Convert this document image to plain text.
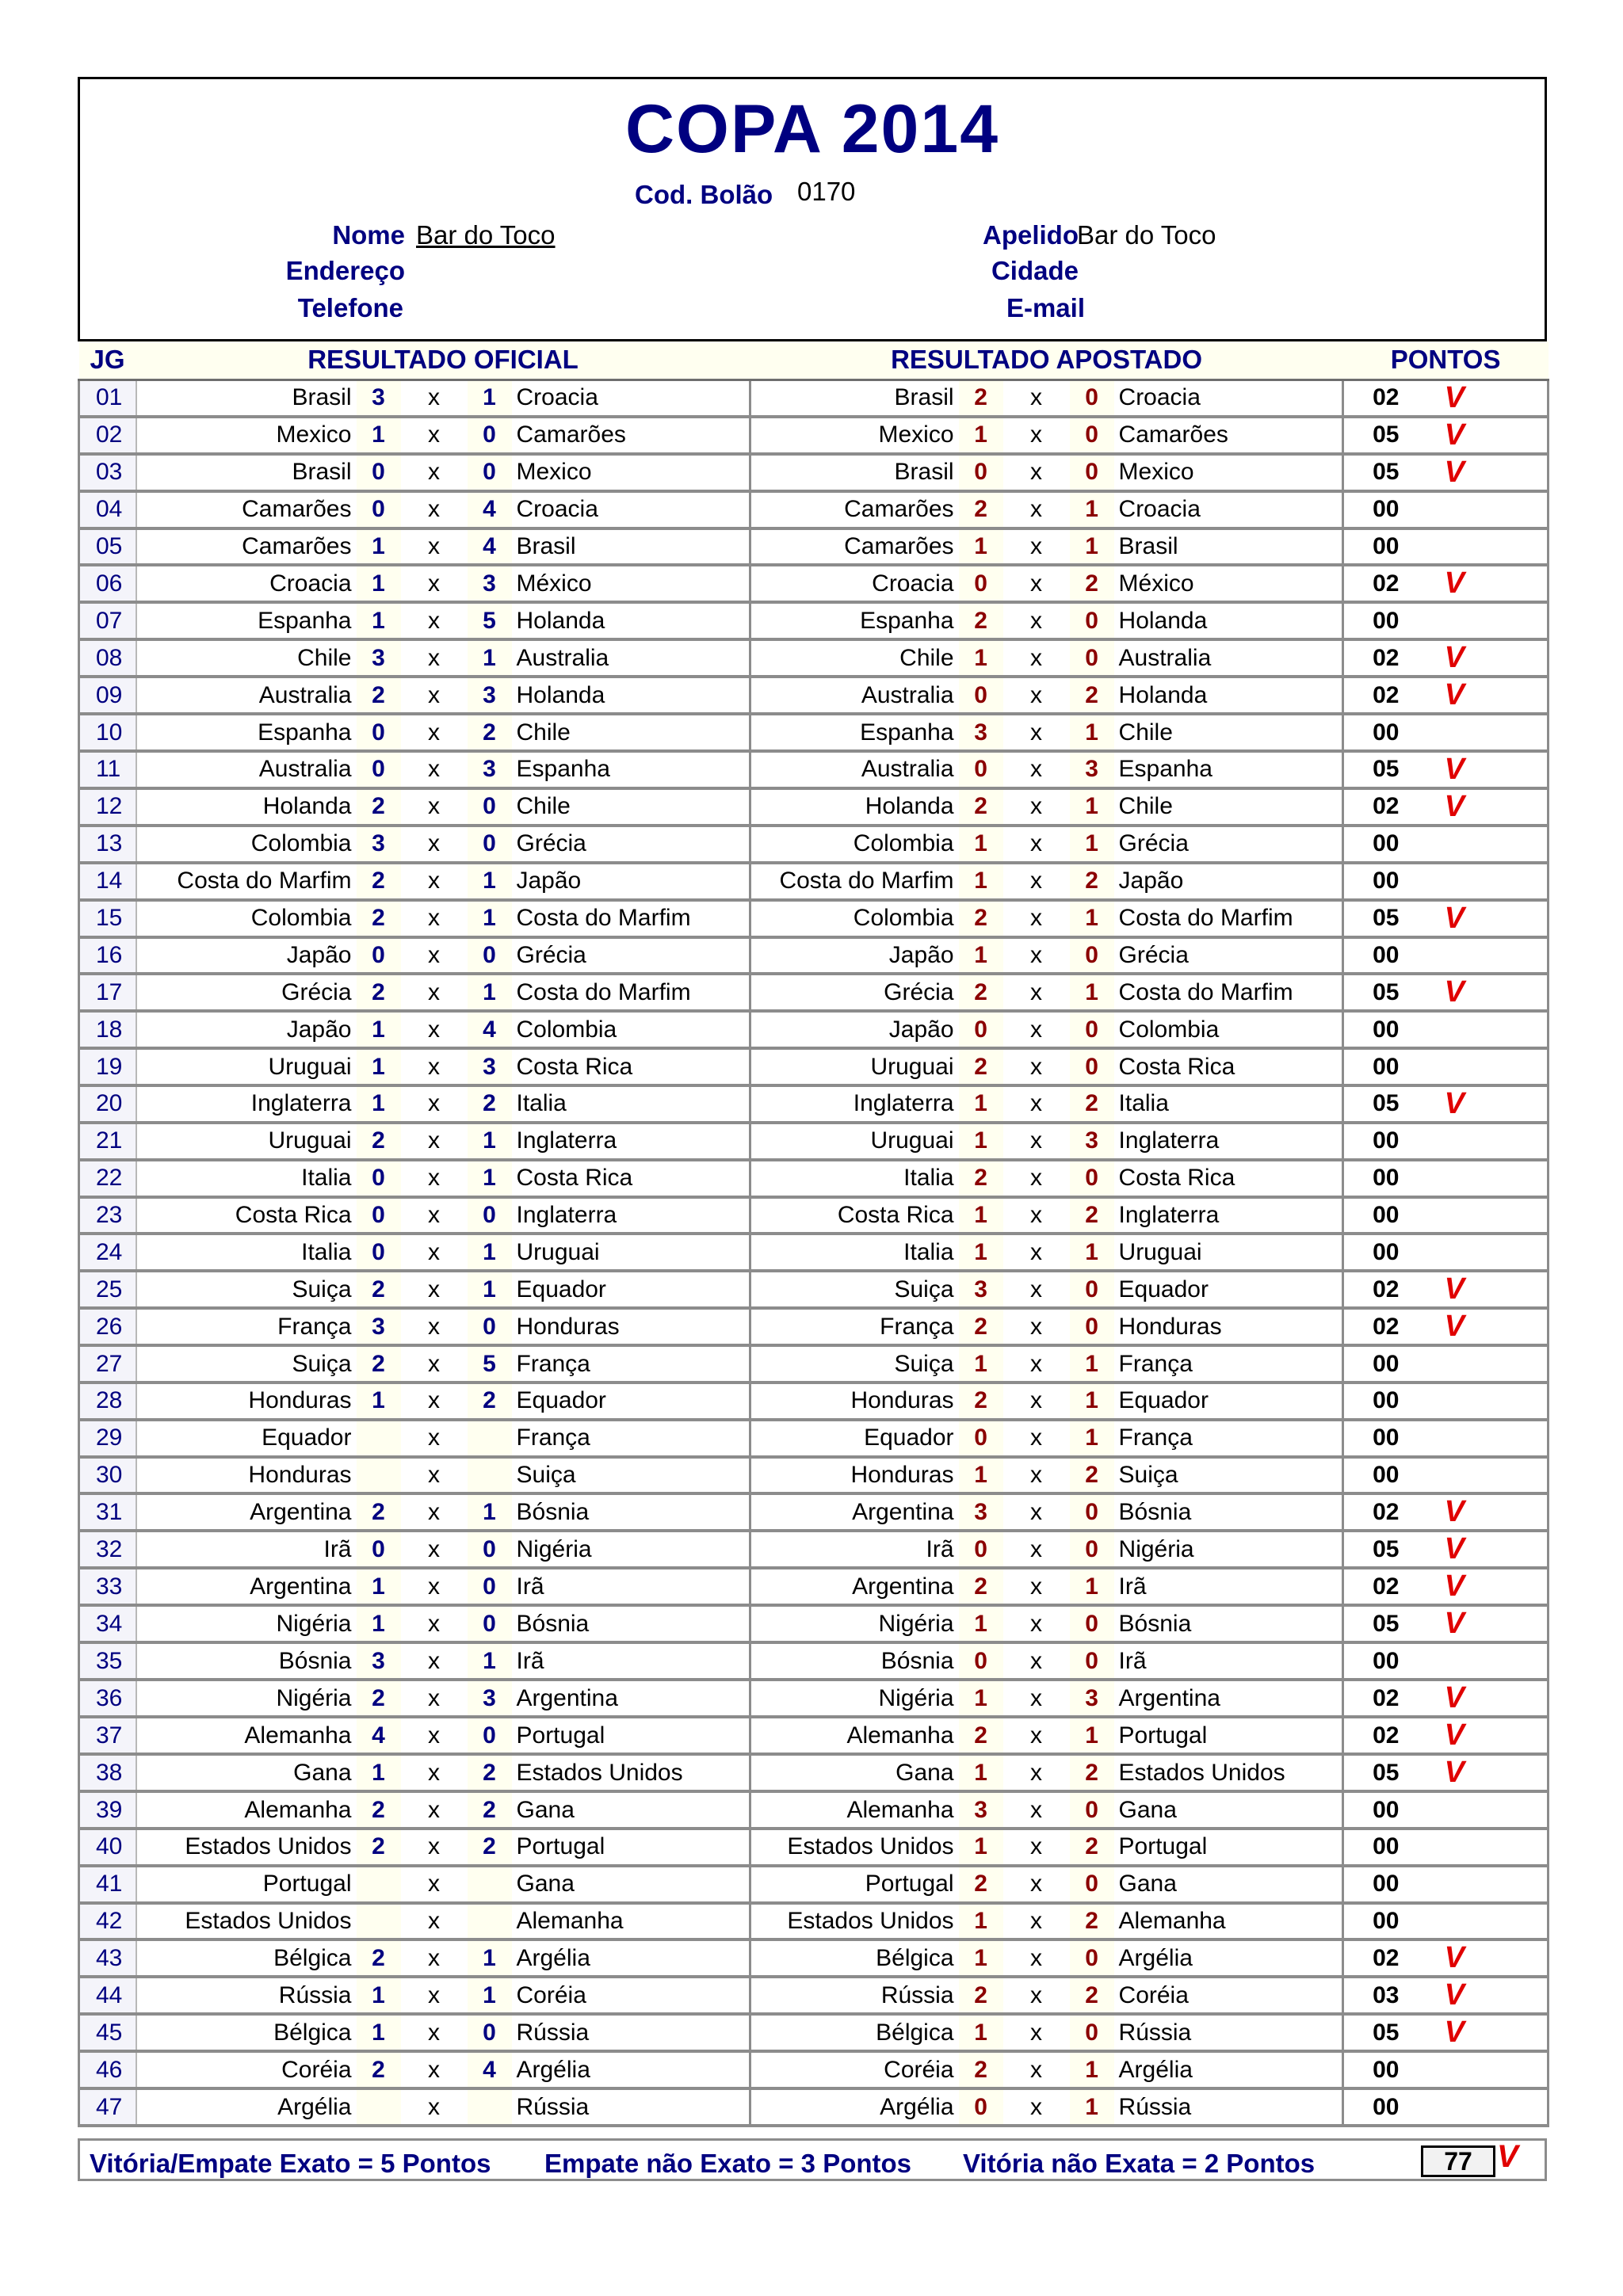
COPA 2014
Cod. Bolão 0170
Nome Bar do Toco
Endereço
Telefone
Apelido
Bar do Toco
Cidade
E-mail
JG	RESULTADO OFICIAL					RESULTADO APOSTADO					PONTOS	
01	Brasil	3	x	1	Croacia	Brasil	2	x	0	Croacia	02	V
02	Mexico	1	x	0	Camarões	Mexico	1	x	0	Camarões	05	V
03	Brasil	0	x	0	Mexico	Brasil	0	x	0	Mexico	05	V
04	Camarões	0	x	4	Croacia	Camarões	2	x	1	Croacia	00	
05	Camarões	1	x	4	Brasil	Camarões	1	x	1	Brasil	00	
06	Croacia	1	x	3	México	Croacia	0	x	2	México	02	V
07	Espanha	1	x	5	Holanda	Espanha	2	x	0	Holanda	00	
08	Chile	3	x	1	Australia	Chile	1	x	0	Australia	02	V
09	Australia	2	x	3	Holanda	Australia	0	x	2	Holanda	02	V
10	Espanha	0	x	2	Chile	Espanha	3	x	1	Chile	00	
11	Australia	0	x	3	Espanha	Australia	0	x	3	Espanha	05	V
12	Holanda	2	x	0	Chile	Holanda	2	x	1	Chile	02	V
13	Colombia	3	x	0	Grécia	Colombia	1	x	1	Grécia	00	
14	Costa do Marfim	2	x	1	Japão	Costa do Marfim	1	x	2	Japão	00	
15	Colombia	2	x	1	Costa do Marfim	Colombia	2	x	1	Costa do Marfim	05	V
16	Japão	0	x	0	Grécia	Japão	1	x	0	Grécia	00	
17	Grécia	2	x	1	Costa do Marfim	Grécia	2	x	1	Costa do Marfim	05	V
18	Japão	1	x	4	Colombia	Japão	0	x	0	Colombia	00	
19	Uruguai	1	x	3	Costa Rica	Uruguai	2	x	0	Costa Rica	00	
20	Inglaterra	1	x	2	Italia	Inglaterra	1	x	2	Italia	05	V
21	Uruguai	2	x	1	Inglaterra	Uruguai	1	x	3	Inglaterra	00	
22	Italia	0	x	1	Costa Rica	Italia	2	x	0	Costa Rica	00	
23	Costa Rica	0	x	0	Inglaterra	Costa Rica	1	x	2	Inglaterra	00	
24	Italia	0	x	1	Uruguai	Italia	1	x	1	Uruguai	00	
25	Suiça	2	x	1	Equador	Suiça	3	x	0	Equador	02	V
26	França	3	x	0	Honduras	França	2	x	0	Honduras	02	V
27	Suiça	2	x	5	França	Suiça	1	x	1	França	00	
28	Honduras	1	x	2	Equador	Honduras	2	x	1	Equador	00	
29	Equador		x		França	Equador	0	x	1	França	00	
30	Honduras		x		Suiça	Honduras	1	x	2	Suiça	00	
31	Argentina	2	x	1	Bósnia	Argentina	3	x	0	Bósnia	02	V
32	Irã	0	x	0	Nigéria	Irã	0	x	0	Nigéria	05	V
33	Argentina	1	x	0	Irã	Argentina	2	x	1	Irã	02	V
34	Nigéria	1	x	0	Bósnia	Nigéria	1	x	0	Bósnia	05	V
35	Bósnia	3	x	1	Irã	Bósnia	0	x	0	Irã	00	
36	Nigéria	2	x	3	Argentina	Nigéria	1	x	3	Argentina	02	V
37	Alemanha	4	x	0	Portugal	Alemanha	2	x	1	Portugal	02	V
38	Gana	1	x	2	Estados Unidos	Gana	1	x	2	Estados Unidos	05	V
39	Alemanha	2	x	2	Gana	Alemanha	3	x	0	Gana	00	
40	Estados Unidos	2	x	2	Portugal	Estados Unidos	1	x	2	Portugal	00	
41	Portugal		x		Gana	Portugal	2	x	0	Gana	00	
42	Estados Unidos		x		Alemanha	Estados Unidos	1	x	2	Alemanha	00	
43	Bélgica	2	x	1	Argélia	Bélgica	1	x	0	Argélia	02	V
44	Rússia	1	x	1	Coréia	Rússia	2	x	2	Coréia	03	V
45	Bélgica	1	x	0	Rússia	Bélgica	1	x	0	Rússia	05	V
46	Coréia	2	x	4	Argélia	Coréia	2	x	1	Argélia	00	
47	Argélia		x		Rússia	Argélia	0	x	1	Rússia	00	
Vitória/Empate Exato = 5 Pontos Empate não Exato = 3 Pontos Vitória não Exata = 2 Pontos	77 V
